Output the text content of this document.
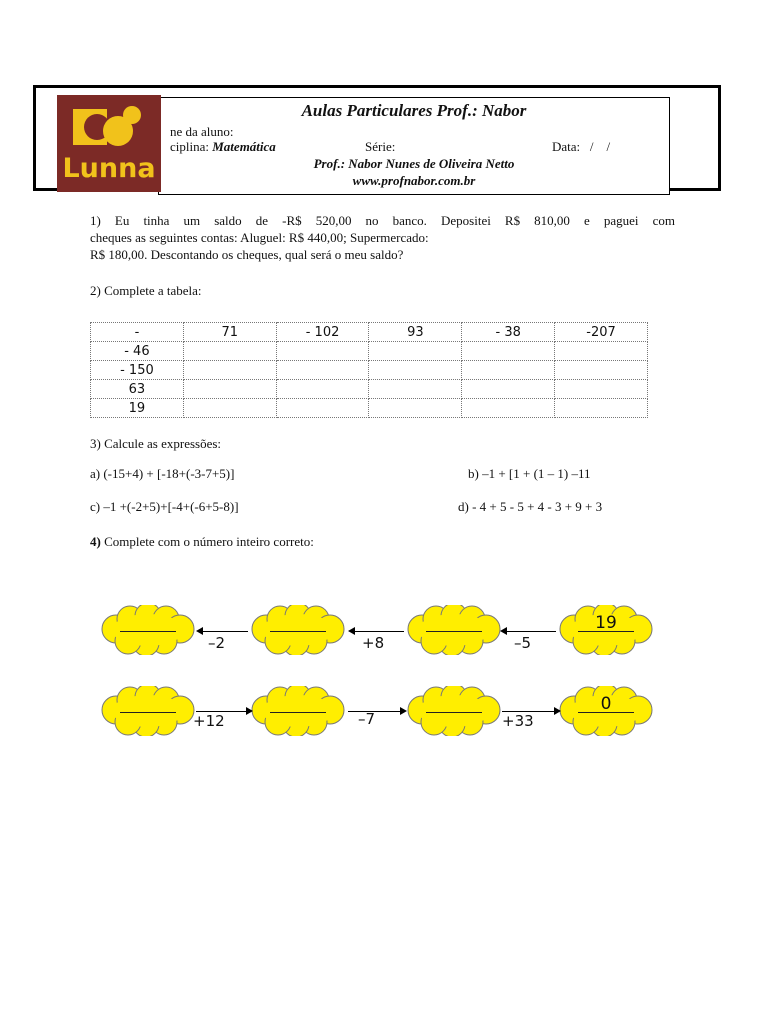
Lunna
Aulas Particulares Prof.: Nabor
ne da aluno:
ciplina: Matemática	Série:	Data:   /    /
Prof.: Nabor Nunes de Oliveira Netto
www.profnabor.com.br
1) Eu tinha um saldo de -R$ 520,00 no banco. Depositei R$ 810,00 e paguei com
cheques as seguintes contas: Aluguel: R$ 440,00; Supermercado:
R$ 180,00. Descontando os cheques, qual será o meu saldo?
2) Complete a tabela:
-	71	- 102	93	- 38	-207
- 46					
- 150					
63					
19					
3) Calcule as expressões:
a) (-15+4) + [-18+(-3-7+5)]	b) –1 + [1 + (1 – 1) –11
c) –1 +(-2+5)+[-4+(-6+5-8)]	d) - 4 + 5 - 5 + 4 - 3 + 9 + 3
4) Complete com o número inteiro correto:
19
–2	+8	–5
0
+12	–7	+33
